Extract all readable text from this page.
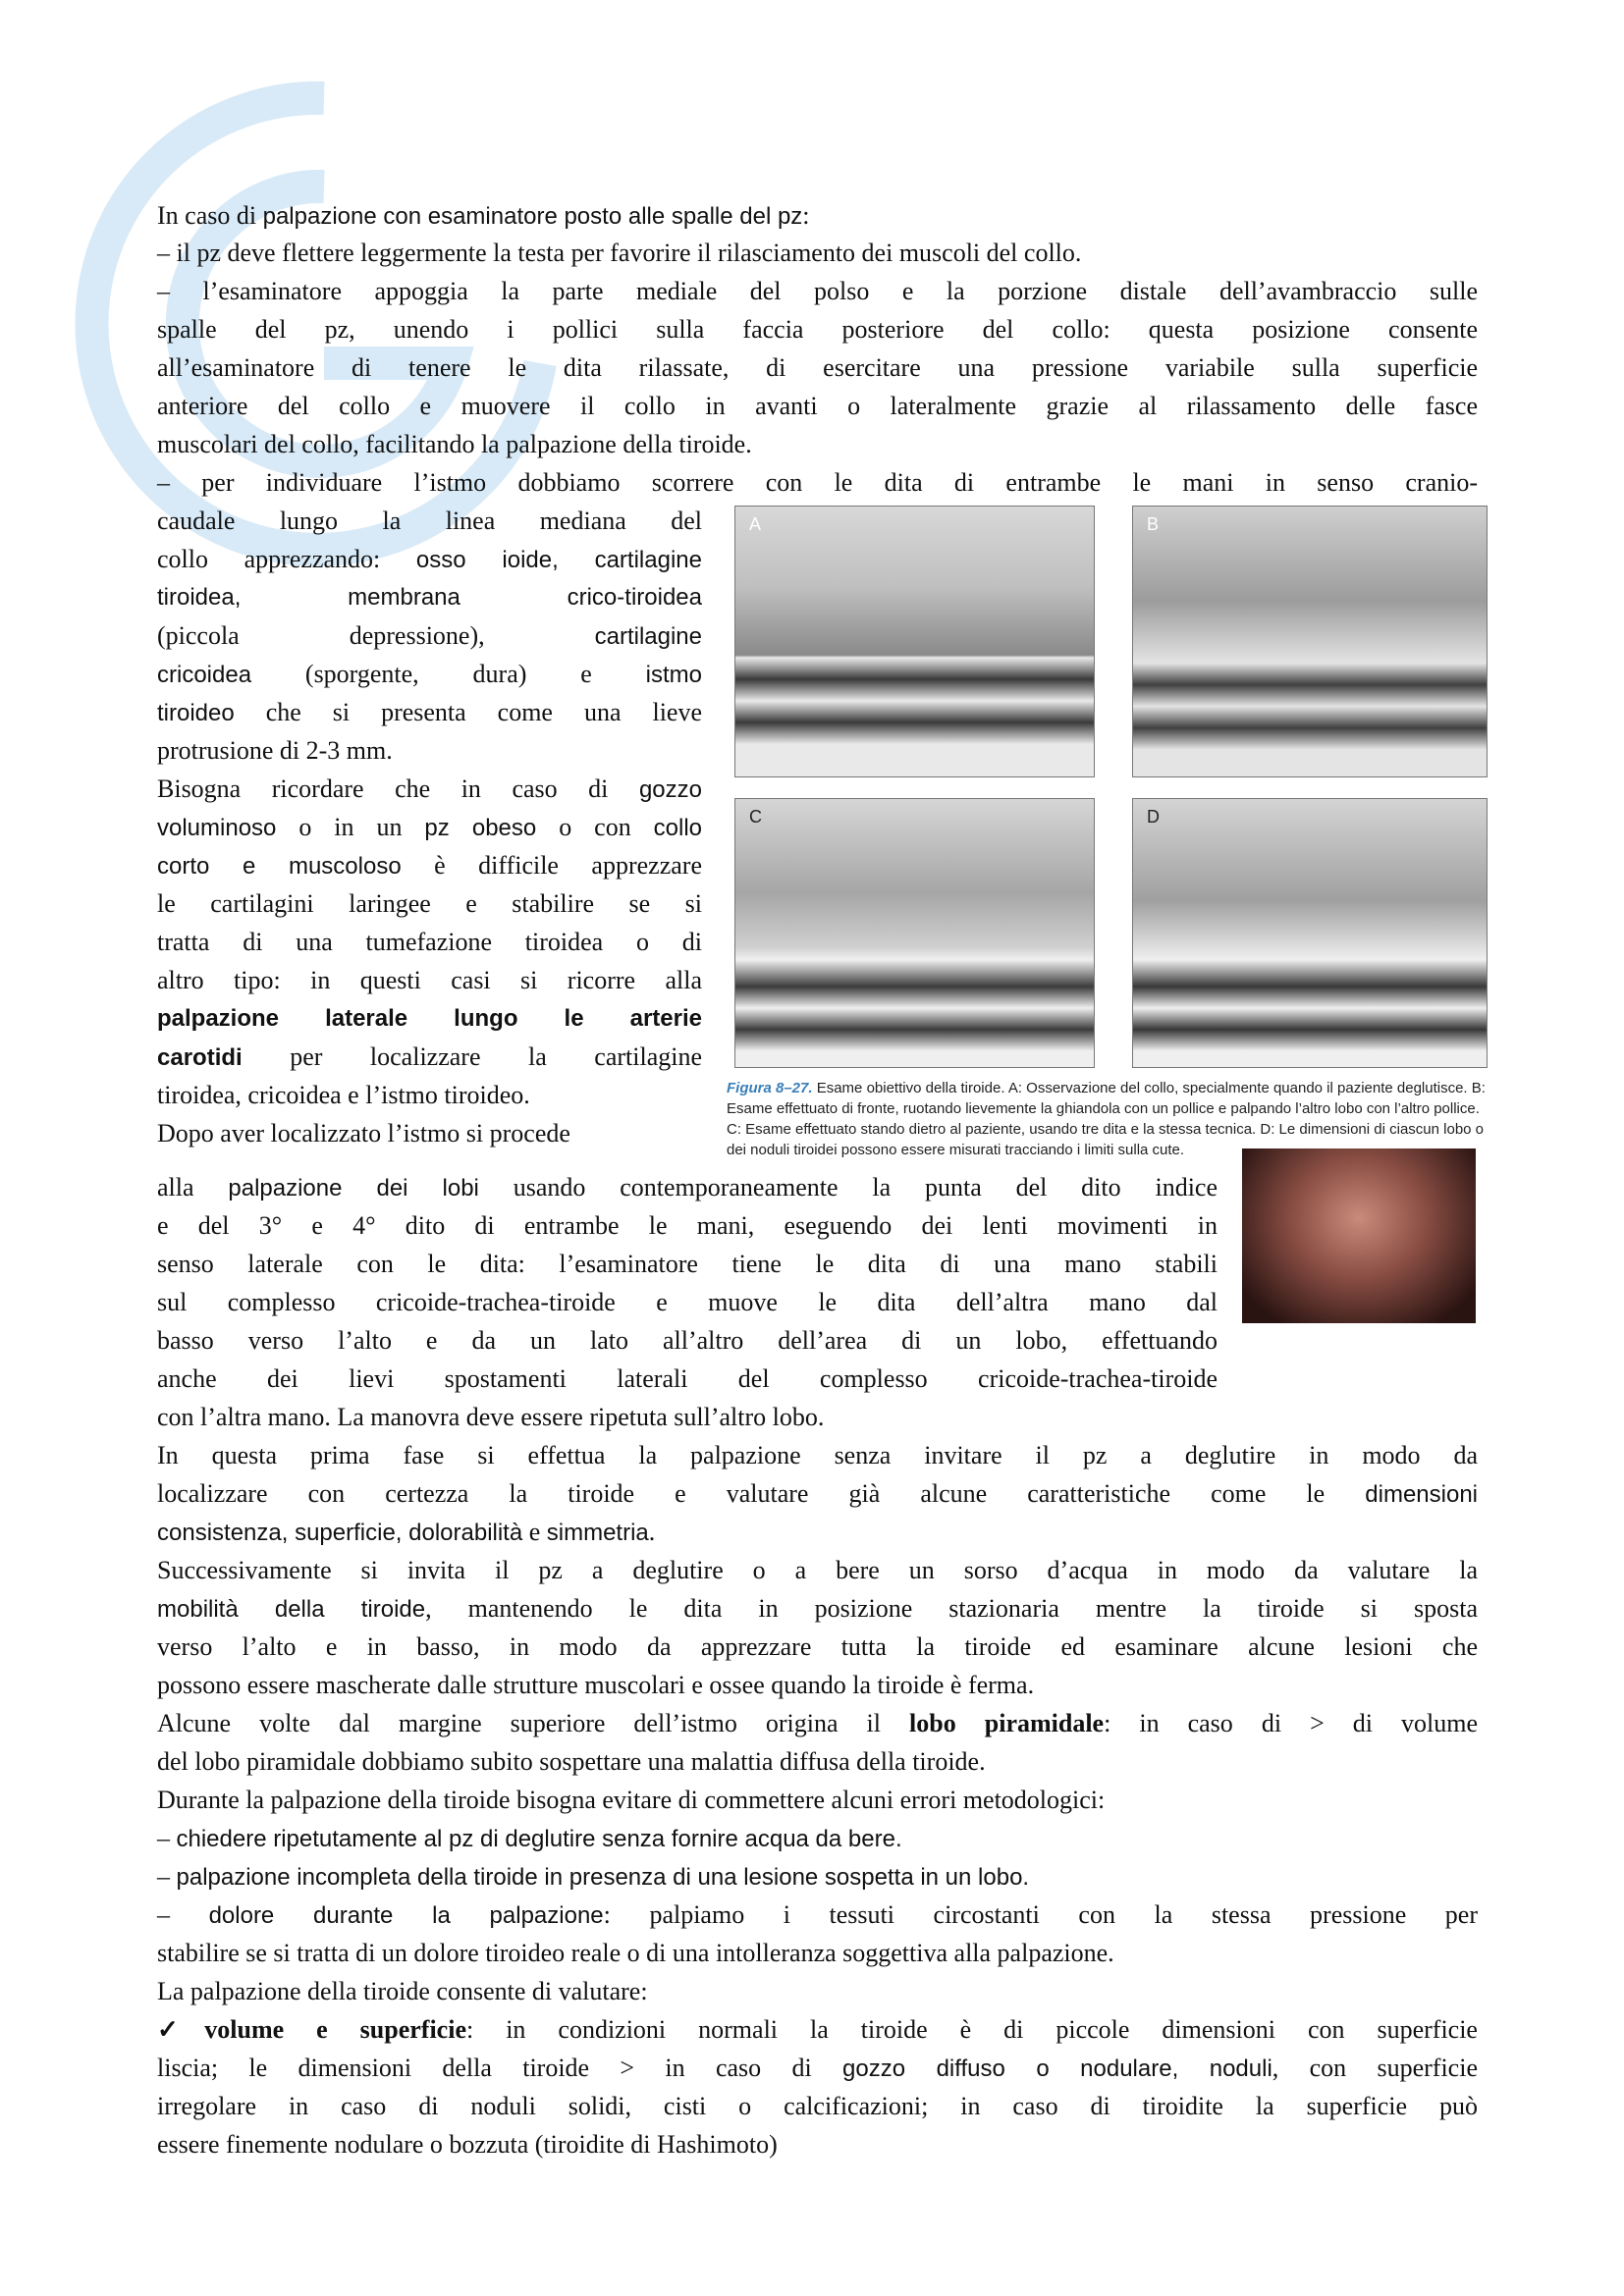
In caso di palpazione con esaminatore posto alle spalle del pz:

– il pz deve flettere leggermente la testa per favorire il rilasciamento dei muscoli del collo.

– l’esaminatore appoggia la parte mediale del polso e la porzione distale dell’avambraccio sulle

spalle del pz, unendo i pollici sulla faccia posteriore del collo: questa posizione consente

all’esaminatore di tenere le dita rilassate, di esercitare una pressione variabile sulla superficie

anteriore del collo e muovere il collo in avanti o lateralmente grazie al rilassamento delle fasce

muscolari del collo, facilitando la palpazione della tiroide.

– per individuare l’istmo dobbiamo scorrere con le dita di entrambe le mani in senso cranio-

caudale lungo la linea mediana del

collo apprezzando: osso ioide, cartilagine

tiroidea,	membrana	crico-tiroidea

(piccola	depressione),	cartilagine

cricoidea (sporgente, dura) e istmo

tiroideo che si presenta come una lieve

protrusione di 2-3 mm.

Bisogna ricordare che in caso di gozzo

voluminoso o in un pz obeso o con collo

corto e muscoloso è difficile apprezzare

le cartilagini laringee e stabilire se si

tratta di una tumefazione tiroidea o di

altro tipo: in questi casi si ricorre alla

palpazione laterale lungo le arterie

carotidi per localizzare la cartilagine

tiroidea, cricoidea e l’istmo tiroideo.

Dopo aver localizzato l’istmo si procede

A	B
C	D
Figura 8–27. Esame obiettivo della tiroide. A: Osservazione del collo, specialmente quando il paziente deglutisce. B: Esame effettuato di fronte, ruotando lievemente la ghiandola con un pollice e palpando l’altro lobo con l’altro pollice. C: Esame effettuato stando dietro al paziente, usando tre dita e la stessa tecnica. D: Le dimensioni di ciascun lobo o dei noduli tiroidei possono essere misurati tracciando i limiti sulla cute.

alla palpazione dei lobi usando contemporaneamente la punta del dito indice

e del 3° e 4° dito di entrambe le mani, eseguendo dei lenti movimenti in

senso laterale con le dita: l’esaminatore tiene le dita di una mano stabili

sul complesso cricoide-trachea-tiroide e muove le dita dell’altra mano dal

basso verso l’alto e da un lato all’altro dell’area di un lobo, effettuando

anche dei lievi spostamenti laterali del complesso cricoide-trachea-tiroide

con l’altra mano. La manovra deve essere ripetuta sull’altro lobo.

In questa prima fase si effettua la palpazione senza invitare il pz a deglutire in modo da

localizzare con certezza la tiroide e valutare già alcune caratteristiche come le dimensioni

consistenza, superficie, dolorabilità e simmetria.

Successivamente si invita il pz a deglutire o a bere un sorso d’acqua in modo da valutare la

mobilità della tiroide, mantenendo le dita in posizione stazionaria mentre la tiroide si sposta

verso l’alto e in basso, in modo da apprezzare tutta la tiroide ed esaminare alcune lesioni che

possono essere mascherate dalle strutture muscolari e ossee quando la tiroide è ferma.

Alcune volte dal margine superiore dell’istmo origina il lobo piramidale: in caso di > di volume

del lobo piramidale dobbiamo subito sospettare una malattia diffusa della tiroide.

Durante la palpazione della tiroide bisogna evitare di commettere alcuni errori metodologici:

– chiedere ripetutamente al pz di deglutire senza fornire acqua da bere.

– palpazione incompleta della tiroide in presenza di una lesione sospetta in un lobo.

– dolore durante la palpazione: palpiamo i tessuti circostanti con la stessa pressione per

stabilire se si tratta di un dolore tiroideo reale o di una intolleranza soggettiva alla palpazione.

La palpazione della tiroide consente di valutare:

✓volume e superficie: in condizioni normali la tiroide è di piccole dimensioni con superficie

liscia; le dimensioni della tiroide > in caso di gozzo diffuso o nodulare, noduli, con superficie

irregolare in caso di noduli solidi, cisti o calcificazioni; in caso di tiroidite la superficie può

essere finemente nodulare o bozzuta (tiroidite di Hashimoto)
